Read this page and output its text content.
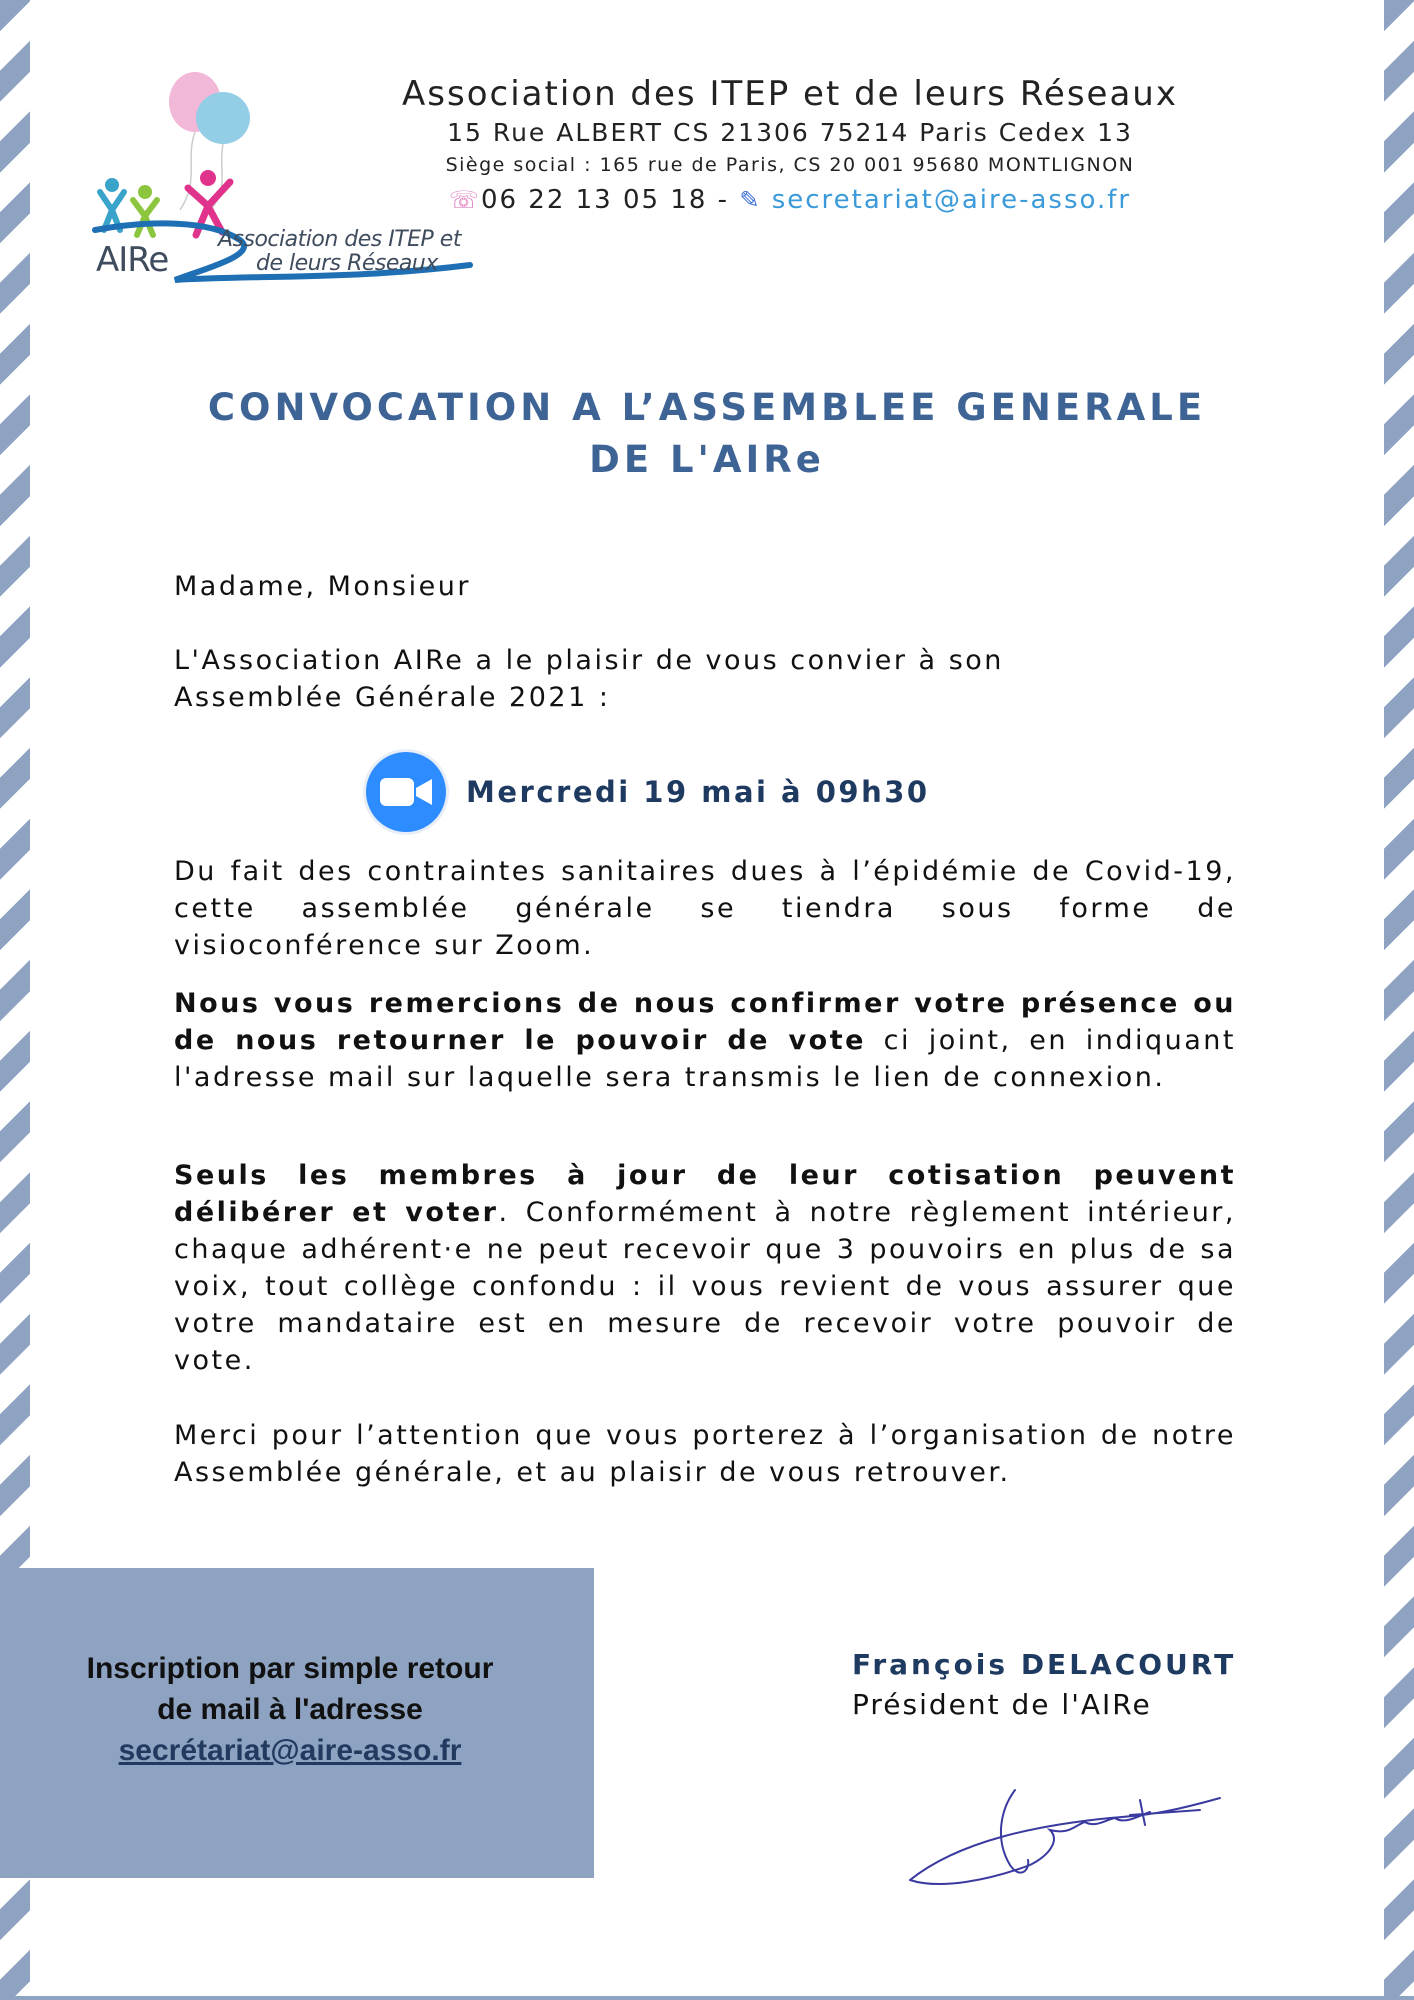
AIRe
Association des ITEP et
de leurs Réseaux
Association des ITEP et de leurs Réseaux
15 Rue ALBERT CS 21306 75214 Paris Cedex 13
Siège social : 165 rue de Paris, CS 20 001 95680 MONTLIGNON
☏06 22 13 05 18 - ✎ secretariat@aire-asso.fr
CONVOCATION A L’ASSEMBLEE GENERALE
DE L'AIRe
Madame, Monsieur
L'Association AIRe a le plaisir de vous convier à son Assemblée Générale 2021 :
Mercredi 19 mai à 09h30
Du fait des contraintes sanitaires dues à l’épidémie de Covid-19, cette assemblée générale se tiendra sous forme de visioconférence sur Zoom.
Nous vous remercions de nous confirmer votre présence ou de nous retourner le pouvoir de vote ci joint, en indiquant l'adresse mail sur laquelle sera transmis le lien de connexion.
Seuls les membres à jour de leur cotisation peuvent délibérer et voter. Conformément à notre règlement intérieur, chaque adhérent·e ne peut recevoir que 3 pouvoirs en plus de sa voix, tout collège confondu : il vous revient de vous assurer que votre mandataire est en mesure de recevoir votre pouvoir de vote.
Merci pour l’attention que vous porterez à l’organisation de notre Assemblée générale, et au plaisir de vous retrouver.
Inscription par simple retour
de mail à l'adresse
secrétariat@aire-asso.fr
François DELACOURT
Président de l'AIRe
